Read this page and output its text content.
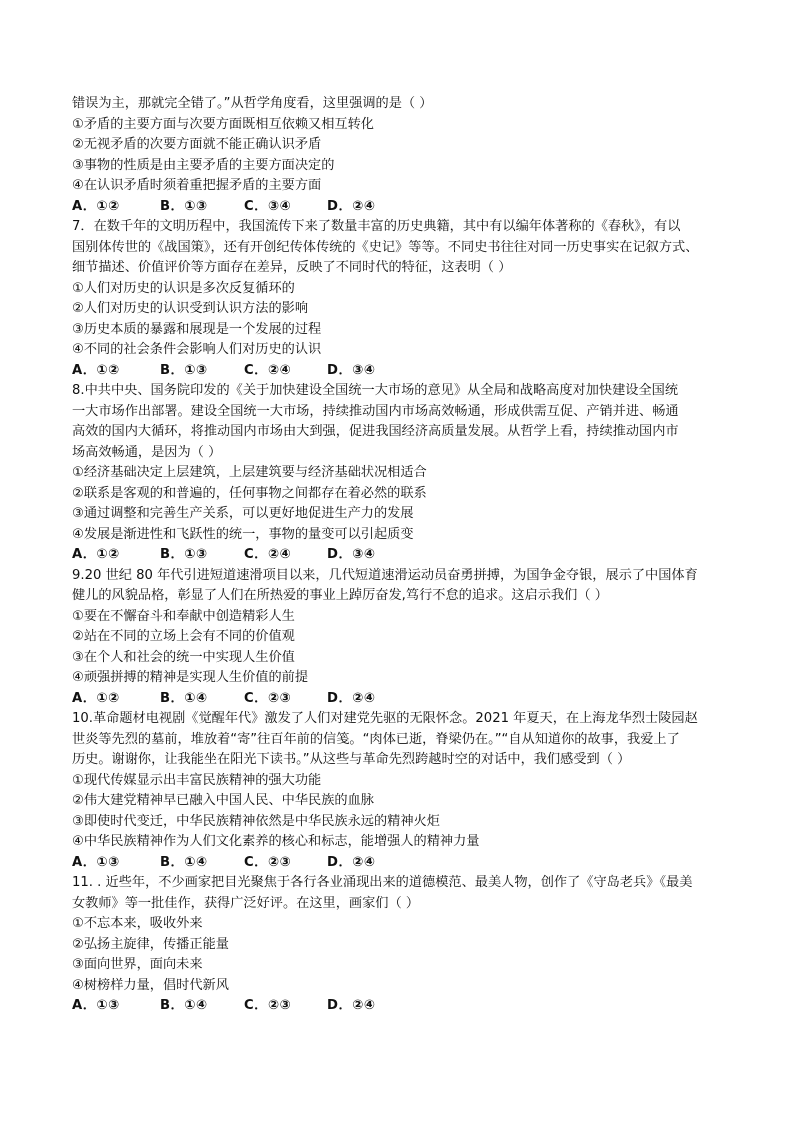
错误为主，那就完全错了。”从哲学角度看，这里强调的是（ ）
①矛盾的主要方面与次要方面既相互依赖又相互转化
②无视矛盾的次要方面就不能正确认识矛盾
③事物的性质是由主要矛盾的主要方面决定的
④在认识矛盾时须着重把握矛盾的主要方面
A．①②	B．①③	C．③④	D．②④
7．在数千年的文明历程中，我国流传下来了数量丰富的历史典籍，其中有以编年体著称的《春秋》，有以
国别体传世的《战国策》，还有开创纪传体传统的《史记》等等。不同史书往往对同一历史事实在记叙方式、
细节描述、价值评价等方面存在差异，反映了不同时代的特征，这表明（ ）
①人们对历史的认识是多次反复循环的
②人们对历史的认识受到认识方法的影响
③历史本质的暴露和展现是一个发展的过程
④不同的社会条件会影响人们对历史的认识
A．①②	B．①③	C．②④	D．③④
8.中共中央、国务院印发的《关于加快建设全国统一大市场的意见》从全局和战略高度对加快建设全国统
一大市场作出部署。建设全国统一大市场，持续推动国内市场高效畅通，形成供需互促、产销并进、畅通
高效的国内大循环，将推动国内市场由大到强，促进我国经济高质量发展。从哲学上看，持续推动国内市
场高效畅通，是因为（ ）
①经济基础决定上层建筑，上层建筑要与经济基础状况相适合
②联系是客观的和普遍的，任何事物之间都存在着必然的联系
③通过调整和完善生产关系，可以更好地促进生产力的发展
④发展是渐进性和飞跃性的统一，事物的量变可以引起质变
A．①②	B．①③	C．②④	D．③④
9.20 世纪 80 年代引进短道速滑项目以来，几代短道速滑运动员奋勇拼搏，为国争金夺银，展示了中国体育
健儿的风貌品格，彰显了人们在所热爱的事业上踔厉奋发,笃行不怠的追求。这启示我们（ ）
①要在不懈奋斗和奉献中创造精彩人生
②站在不同的立场上会有不同的价值观
③在个人和社会的统一中实现人生价值
④顽强拼搏的精神是实现人生价值的前提
A．①②	B．①④	C．②③	D．②④
10.革命题材电视剧《觉醒年代》激发了人们对建党先驱的无限怀念。2021 年夏天，在上海龙华烈士陵园赵
世炎等先烈的墓前，堆放着“寄”往百年前的信笺。“肉体已逝，脊梁仍在。”“自从知道你的故事，我爱上了
历史。谢谢你，让我能坐在阳光下读书。”从这些与革命先烈跨越时空的对话中，我们感受到（ ）
①现代传媒显示出丰富民族精神的强大功能
②伟大建党精神早已融入中国人民、中华民族的血脉
③即使时代变迁，中华民族精神依然是中华民族永远的精神火炬
④中华民族精神作为人们文化素养的核心和标志，能增强人的精神力量
A．①③	B．①④	C．②③	D．②④
11. . 近些年，不少画家把目光聚焦于各行各业涌现出来的道德模范、最美人物，创作了《守岛老兵》《最美
女教师》等一批佳作，获得广泛好评。在这里，画家们（ ）
①不忘本来，吸收外来
②弘扬主旋律，传播正能量
③面向世界，面向未来
④树榜样力量，倡时代新风
A．①③	B．①④	C．②③	D．②④
